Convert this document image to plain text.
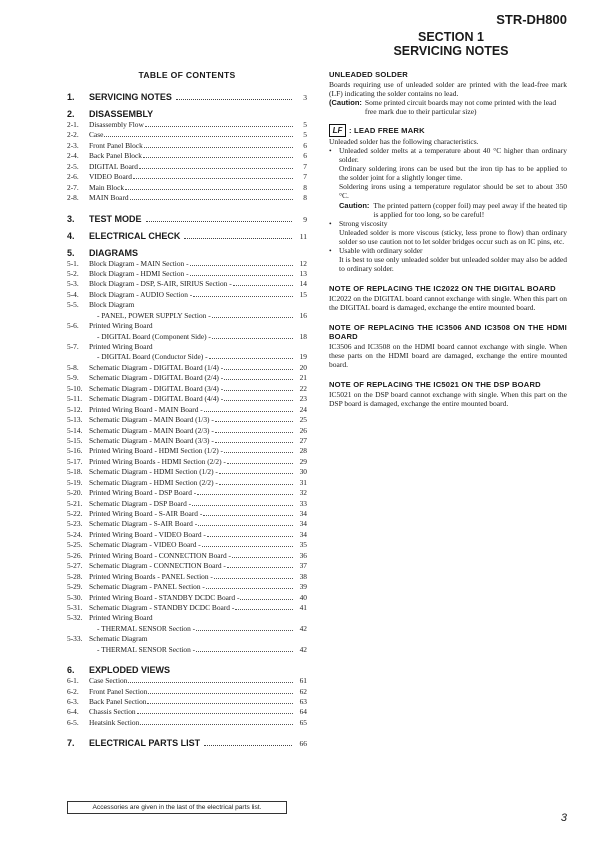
STR-DH800
SECTION 1
SERVICING NOTES
TABLE OF CONTENTS
1.	SERVICING NOTES	3
2.	DISASSEMBLY
2-1.	Disassembly Flow	5
2-2.	Case	5
2-3.	Front Panel Block	6
2-4.	Back Panel Block	6
2-5.	DIGITAL Board	7
2-6.	VIDEO Board	7
2-7.	Main Block	8
2-8.	MAIN Board	8
3.	TEST MODE	9
4.	ELECTRICAL CHECK	11
5.	DIAGRAMS
5-1.	Block Diagram - MAIN Section -	12
5-2.	Block Diagram - HDMI Section -	13
5-3.	Block Diagram - DSP, S-AIR, SIRIUS Section -	14
5-4.	Block Diagram - AUDIO Section -	15
5-5.	Block Diagram
- PANEL, POWER SUPPLY Section -	16
5-6.	Printed Wiring Board
- DIGITAL Board (Component Side) -	18
5-7.	Printed Wiring Board
- DIGITAL Board (Conductor Side) -	19
5-8.	Schematic Diagram - DIGITAL Board (1/4) -	20
5-9.	Schematic Diagram - DIGITAL Board (2/4) -	21
5-10. Schematic Diagram - DIGITAL Board (3/4) -	22
5-11. Schematic Diagram - DIGITAL Board (4/4) -	23
5-12. Printed Wiring Board - MAIN Board -	24
5-13. Schematic Diagram - MAIN Board (1/3) -	25
5-14. Schematic Diagram - MAIN Board (2/3) -	26
5-15. Schematic Diagram - MAIN Board (3/3) -	27
5-16. Printed Wiring Board - HDMI Section (1/2) -	28
5-17. Printed Wiring Boards - HDMI Section (2/2) -	29
5-18. Schematic Diagram - HDMI Section (1/2) -	30
5-19. Schematic Diagram - HDMI Section (2/2) -	31
5-20. Printed Wiring Board - DSP Board -	32
5-21. Schematic Diagram - DSP Board -	33
5-22. Printed Wiring Board - S-AIR Board -	34
5-23. Schematic Diagram - S-AIR Board -	34
5-24. Printed Wiring Board - VIDEO Board -	34
5-25. Schematic Diagram - VIDEO Board -	35
5-26. Printed Wiring Board - CONNECTION Board -	36
5-27. Schematic Diagram - CONNECTION Board -	37
5-28. Printed Wiring Boards - PANEL Section -	38
5-29. Schematic Diagram - PANEL Section -	39
5-30. Printed Wiring Board - STANDBY DCDC Board -	40
5-31. Schematic Diagram - STANDBY DCDC Board -	41
5-32. Printed Wiring Board
- THERMAL SENSOR Section -	42
5-33. Schematic Diagram
- THERMAL SENSOR Section -	42
6.	EXPLODED VIEWS
6-1.	Case Section	61
6-2.	Front Panel Section	62
6-3.	Back Panel Section	63
6-4.	Chassis Section	64
6-5.	Heatsink Section	65
7.	ELECTRICAL PARTS LIST	66
UNLEADED SOLDER
Boards requiring use of unleaded solder are printed with the lead-free mark (LF) indicating the solder contains no lead.
(Caution: Some printed circuit boards may not come printed with the lead free mark due to their particular size)
LF : LEAD FREE MARK
Unleaded solder has the following characteristics.
• Unleaded solder melts at a temperature about 40 °C higher than ordinary solder.
Ordinary soldering irons can be used but the iron tip has to be applied to the solder joint for a slightly longer time.
Soldering irons using a temperature regulator should be set to about 350 °C.
Caution: The printed pattern (copper foil) may peel away if the heated tip is applied for too long, so be careful!
• Strong viscosity
Unleaded solder is more viscous (sticky, less prone to flow) than ordinary solder so use caution not to let solder bridges occur such as on IC pins, etc.
• Usable with ordinary solder
It is best to use only unleaded solder but unleaded solder may also be added to ordinary solder.
NOTE OF REPLACING THE IC2022 ON THE DIGITAL BOARD
IC2022 on the DIGITAL board cannot exchange with single. When this part on the DIGITAL board is damaged, exchange the entire mounted board.
NOTE OF REPLACING THE IC3506 AND IC3508 ON THE HDMI BOARD
IC3506 and IC3508 on the HDMI board cannot exchange with single. When these parts on the HDMI board are damaged, exchange the entire mounted board.
NOTE OF REPLACING THE IC5021 ON THE DSP BOARD
IC5021 on the DSP board cannot exchange with single. When this part on the DSP board is damaged, exchange the entire mounted board.
Accessories are given in the last of the electrical parts list.
3
